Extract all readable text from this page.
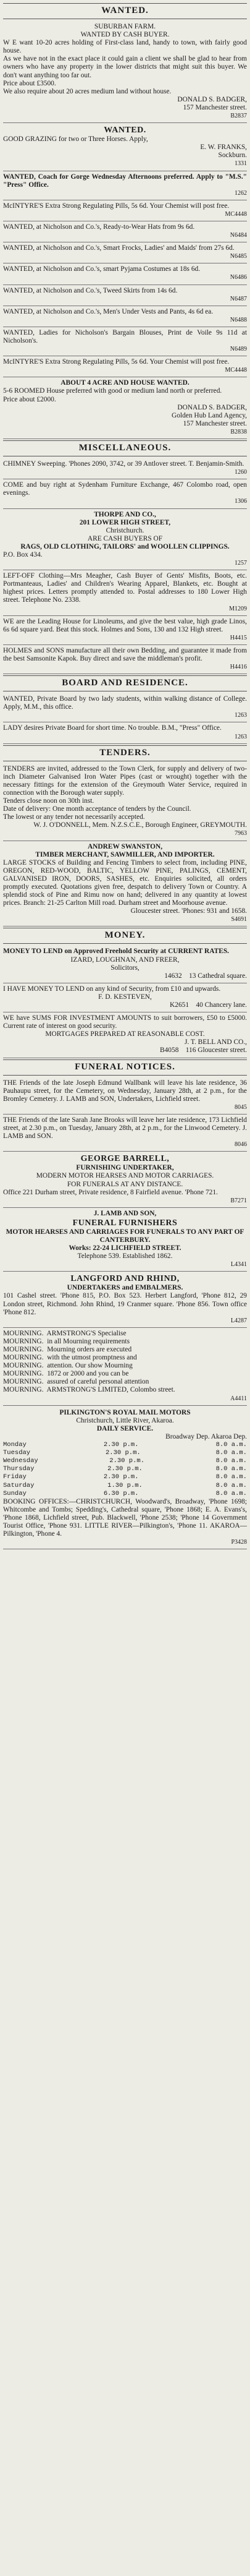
WANTED.
SUBURBAN FARM.
WANTED BY CASH BUYER.
W E want 10-20 acres holding of First-class land, handy to town, with fairly good house.
As we have not in the exact place it could gain a client we shall be glad to hear from owners who have any property in the lower districts that might suit this buyer. We don't want anything too far out.
Price about £3500.
We also require about 20 acres medium land without house.
DONALD S. BADGER,
157 Manchester street.
B2837
WANTED.
GOOD GRAZING for two or Three Horses. Apply,
E. W. FRANKS,
Sockburn.
1331
WANTED, Coach for Gorge Wednesday Afternoons preferred. Apply to "M.S." "Press" Office.
1262
McINTYRE'S Extra Strong Regulating Pills, 5s 6d. Your Chemist will post free.
MC4448
WANTED, at Nicholson and Co.'s, Ready-to-Wear Hats from 9s 6d.
N6484
WANTED, at Nicholson and Co.'s, Smart Frocks, Ladies' and Maids' from 27s 6d.
N6485
WANTED, at Nicholson and Co.'s, smart Pyjama Costumes at 18s 6d.
N6486
WANTED, at Nicholson and Co.'s, Tweed Skirts from 14s 6d.
N6487
WANTED, at Nicholson and Co.'s, Men's Under Vests and Pants, 4s 6d ea.
N6488
WANTED, Ladies for Nicholson's Bargain Blouses, Print de Voile 9s 11d at Nicholson's.
N6489
McINTYRE'S Extra Strong Regulating Pills, 5s 6d. Your Chemist will post free.
MC4448
ABOUT 4 ACRE AND HOUSE WANTED.
5-6 ROOMED House preferred with good or medium land north or preferred.
Price about £2000.
DONALD S. BADGER,
Golden Hub Land Agency,
157 Manchester street.
B2838
MISCELLANEOUS.
CHIMNEY Sweeping. 'Phones 2090, 3742, or 39 Antlover street. T. Benjamin-Smith.
1260
COME and buy right at Sydenham Furniture Exchange, 467 Colombo road, open evenings.
1306
THORPE AND CO.,
201 LOWER HIGH STREET,
Christchurch.
ARE CASH BUYERS OF
RAGS, OLD CLOTHING, TAILORS' and WOOLLEN CLIPPINGS.
P.O. Box 434.
1257
LEFT-OFF Clothing—Mrs Meagher, Cash Buyer of Gents' Misfits, Boots, etc. Portmanteaus, Ladies' and Children's Wearing Apparel, Blankets, etc. Bought at highest prices. Letters promptly attended to. Postal addresses to 180 Lower High street. Telephone No. 2338.
M1209
WE are the Leading House for Linoleums, and give the best value, high grade Linos, 6s 6d square yard. Beat this stock. Holmes and Sons, 130 and 132 High street.
H4415
HOLMES and SONS manufacture all their own Bedding, and guarantee it made from the best Samsonite Kapok. Buy direct and save the middleman's profit.
H4416
BOARD AND RESIDENCE.
WANTED, Private Board by two lady students, within walking distance of College. Apply, M.M., this office.
1263
LADY desires Private Board for short time. No trouble. B.M., "Press" Office.
1263
TENDERS.
TENDERS are invited, addressed to the Town Clerk, for supply and delivery of two-inch Diameter Galvanised Iron Water Pipes (cast or wrought) together with the necessary fittings for the extension of the Greymouth Water Service, required in connection with the Borough water supply.
Tenders close noon on 30th inst.
Date of delivery: One month acceptance of tenders by the Council.
The lowest or any tender not necessarily accepted.
W. J. O'DONNELL, Mem. N.Z.S.C.E., Borough Engineer, GREYMOUTH.
7963
ANDREW SWANSTON,
TIMBER MERCHANT, SAWMILLER, AND IMPORTER.
LARGE STOCKS of Building and Fencing Timbers to select from, including PINE, OREGON, RED-WOOD, BALTIC, YELLOW PINE, PALINGS, CEMENT, GALVANISED IRON, DOORS, SASHES, etc. Enquiries solicited, all orders promptly executed. Quotations given free, despatch to delivery Town or Country. A splendid stock of Pine and Rimu now on hand; delivered in any quantity at lowest prices. Branch: 21-25 Carlton Mill road. Durham street and Moorhouse avenue.
Gloucester street. 'Phones: 931 and 1658.
S4691
MONEY.
MONEY TO LEND on Approved Freehold Security at CURRENT RATES.
IZARD, LOUGHNAN, AND FREER,
Solicitors,
14632    13 Cathedral square.
I HAVE MONEY TO LEND on any kind of Security, from £10 and upwards.
F. D. KESTEVEN,
K2651    40 Chancery lane.
WE have SUMS FOR INVESTMENT AMOUNTS to suit borrowers, £50 to £5000. Current rate of interest on good security.
MORTGAGES PREPARED AT REASONABLE COST.
J. T. BELL AND CO.,
B4058    116 Gloucester street.
FUNERAL NOTICES.
THE Friends of the late Joseph Edmund Wallbank will leave his late residence, 36 Pauhaupu street, for the Cemetery, on Wednesday, January 28th, at 2 p.m., for the Bromley Cemetery. J. LAMB and SON, Undertakers, Lichfield street.
8045
THE Friends of the late Sarah Jane Brooks will leave her late residence, 173 Lichfield street, at 2.30 p.m., on Tuesday, January 28th, at 2 p.m., for the Linwood Cemetery. J. LAMB and SON.
8046
GEORGE BARRELL,
FURNISHING UNDERTAKER,
MODERN MOTOR HEARSES AND MOTOR CARRIAGES.
FOR FUNERALS AT ANY DISTANCE.
Office 221 Durham street, Private residence, 8 Fairfield avenue. 'Phone 721.
B7271
J. LAMB AND SON,
FUNERAL FURNISHERS
MOTOR HEARSES AND CARRIAGES FOR FUNERALS TO ANY PART OF CANTERBURY.
Works: 22-24 LICHFIELD STREET.
Telephone 539. Established 1862.
L4341
LANGFORD AND RHIND,
UNDERTAKERS and EMBALMERS.
101 Cashel street. 'Phone 815, P.O. Box 523. Herbert Langford, 'Phone 812, 29 London street, Richmond. John Rhind, 19 Cranmer square. 'Phone 856. Town office 'Phone 812.
L4287
MOURNING.  ARMSTRONG'S Specialise
MOURNING.  in all Mourning requirements
MOURNING.  Mourning orders are executed
MOURNING.  with the utmost promptness and
MOURNING.  attention. Our show Mourning
MOURNING.  1872 or 2000 and you can be
MOURNING.  assured of careful personal attention
MOURNING.  ARMSTRONG'S LIMITED, Colombo street.
A4411
PILKINGTON'S ROYAL MAIL MOTORS
Christchurch, Little River, Akaroa.
DAILY SERVICE.
Broadway Dep. Akaroa Dep.
Monday	2.30 p.m.	8.0 a.m.
Tuesday	2.30 p.m.	8.0 a.m.
Wednesday	2.30 p.m.	8.0 a.m.
Thursday	2.30 p.m.	8.0 a.m.
Friday	2.30 p.m.	8.0 a.m.
Saturday	1.30 p.m.	8.0 a.m.
Sunday	6.30 p.m.	8.0 a.m.
BOOKING OFFICES:—CHRISTCHURCH, Woodward's, Broadway, 'Phone 1698; Whitcombe and Tombs; Spedding's, Cathedral square, 'Phone 1868; E. A. Evans's, 'Phone 1868, Lichfield street, Pub. Blackwell, 'Phone 2538; 'Phone 14 Government Tourist Office, 'Phone 931. LITTLE RIVER—Pilkington's, 'Phone 11. AKAROA—Pilkington, 'Phone 4.
P3428
